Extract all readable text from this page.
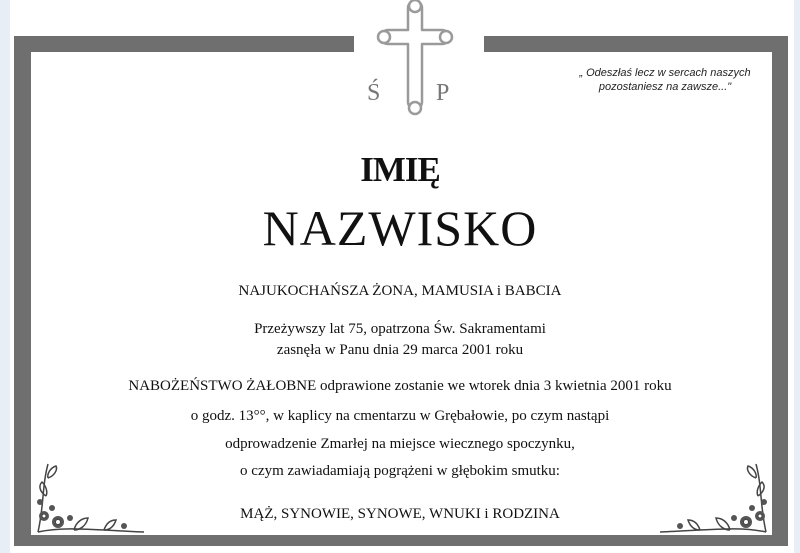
Ś P
„ Odeszłaś lecz w sercach naszych
pozostaniesz na zawsze..."
IMIĘ
NAZWISKO
NAJUKOCHAŃSZA ŻONA, MAMUSIA i BABCIA
Przeżywszy lat 75, opatrzona Św. Sakramentami
zasnęła w Panu dnia 29 marca 2001 roku
NABOŻEŃSTWO ŻAŁOBNE odprawione zostanie we wtorek dnia 3 kwietnia 2001 roku
o godz. 13°°, w kaplicy na cmentarzu w Grębałowie, po czym nastąpi
odprowadzenie Zmarłej na miejsce wiecznego spoczynku,
o czym zawiadamiają pogrążeni w głębokim smutku:
MĄŻ, SYNOWIE, SYNOWE, WNUKI i RODZINA
